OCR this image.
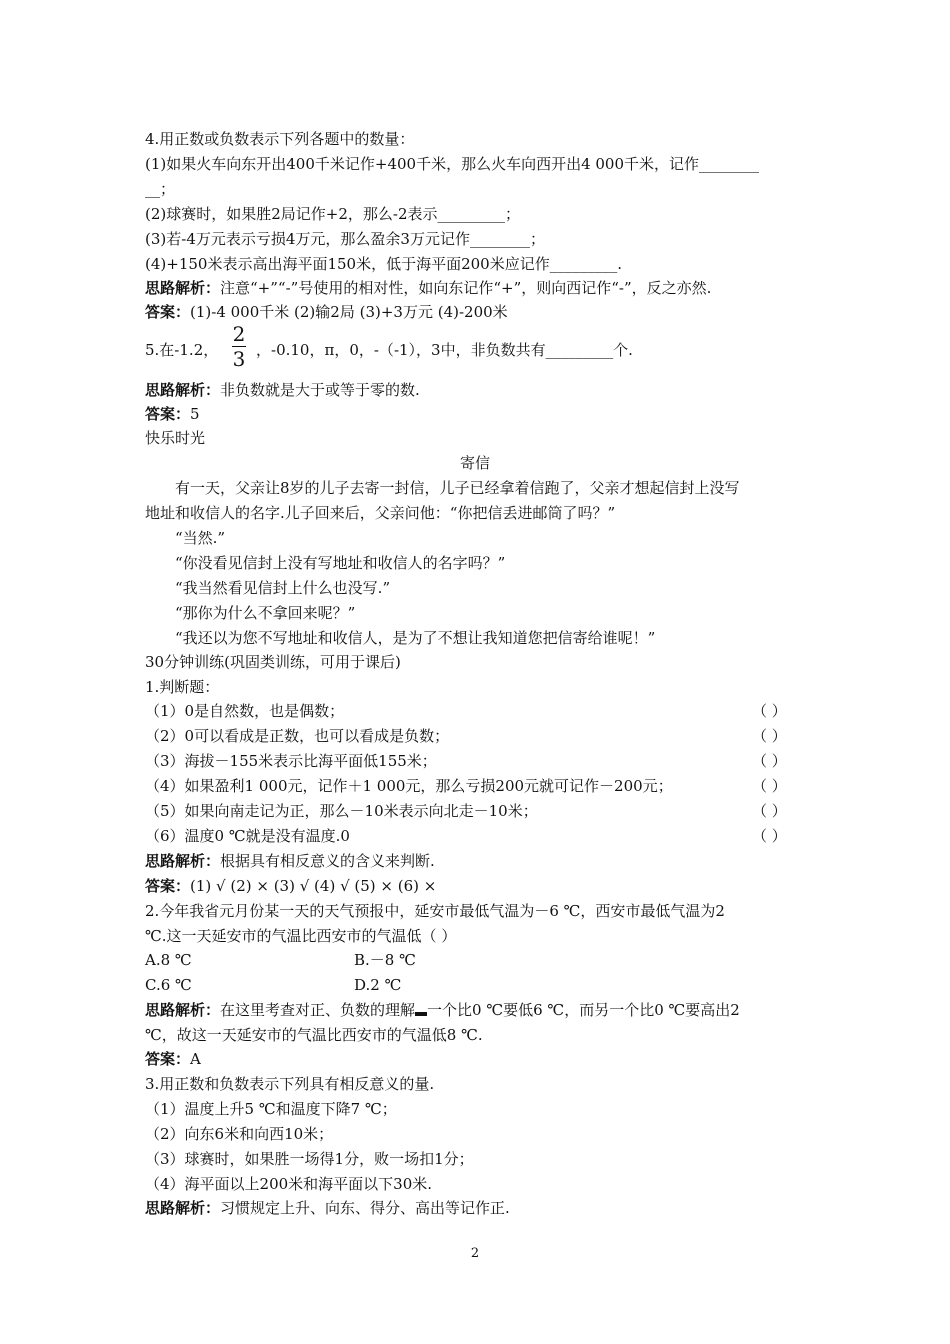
4.用正数或负数表示下列各题中的数量：
(1)如果火车向东开出400千米记作+400千米，那么火车向西开出4 000千米，记作________
__；
(2)球赛时，如果胜2局记作+2，那么-2表示_________；
(3)若-4万元表示亏损4万元，那么盈余3万元记作________；
(4)+150米表示高出海平面150米，低于海平面200米应记作_________.
思路解析：注意“+”“-”号使用的相对性，如向东记作“+”，则向西记作“-”，反之亦然.
答案：(1)-4 000千米 (2)输2局 (3)+3万元 (4)-200米
5.在-1.2，
2
3 ，-0.10，π，0，-（-1），3中，非负数共有_________个.
思路解析：非负数就是大于或等于零的数.
答案：5
快乐时光
寄信
有一天，父亲让8岁的儿子去寄一封信，儿子已经拿着信跑了，父亲才想起信封上没写
地址和收信人的名字.儿子回来后，父亲问他：“你把信丢进邮筒了吗？”
“当然.”
“你没看见信封上没有写地址和收信人的名字吗？”
“我当然看见信封上什么也没写.”
“那你为什么不拿回来呢？”
“我还以为您不写地址和收信人，是为了不想让我知道您把信寄给谁呢！”
30分钟训练(巩固类训练，可用于课后)
1.判断题：
（1）0是自然数，也是偶数；	（ ）
（2）0可以看成是正数，也可以看成是负数；	（ ）
（3）海拔－155米表示比海平面低155米；	（ ）
（4）如果盈利1 000元，记作＋1 000元，那么亏损200元就可记作－200元；	（ ）
（5）如果向南走记为正，那么－10米表示向北走－10米；	（ ）
（6）温度0 ℃就是没有温度.0	（ ）
思路解析：根据具有相反意义的含义来判断.
答案：(1) √ (2) × (3) √ (4) √ (5) × (6) ×
2.今年我省元月份某一天的天气预报中，延安市最低气温为－6 ℃，西安市最低气温为2
℃.这一天延安市的气温比西安市的气温低（ ）
A.8 ℃	B.－8 ℃
C.6 ℃	D.2 ℃
思路解析：在这里考查对正、负数的理解 一个比0 ℃要低6 ℃，而另一个比0 ℃要高出2
℃，故这一天延安市的气温比西安市的气温低8 ℃.
答案：A
3.用正数和负数表示下列具有相反意义的量.
（1）温度上升5 ℃和温度下降7 ℃；
（2）向东6米和向西10米；
（3）球赛时，如果胜一场得1分，败一场扣1分；
（4）海平面以上200米和海平面以下30米.
思路解析：习惯规定上升、向东、得分、高出等记作正.
2
